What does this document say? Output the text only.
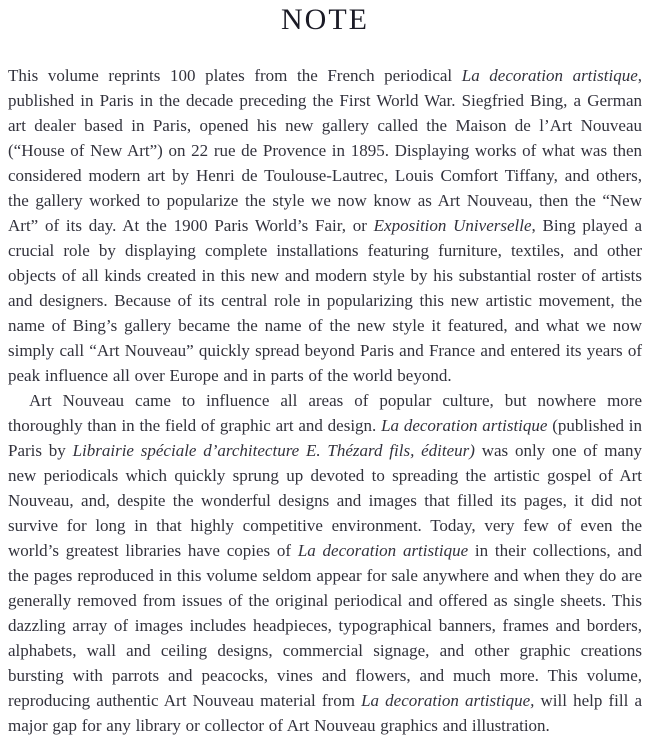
NOTE

This volume reprints 100 plates from the French periodical La decoration artistique, published in Paris in the decade preceding the First World War. Siegfried Bing, a German art dealer based in Paris, opened his new gallery called the Maison de l’Art Nouveau (“House of New Art”) on 22 rue de Provence in 1895. Displaying works of what was then considered modern art by Henri de Toulouse-Lautrec, Louis Comfort Tiffany, and others, the gallery worked to popularize the style we now know as Art Nouveau, then the “New Art” of its day. At the 1900 Paris World’s Fair, or Exposition Universelle, Bing played a crucial role by displaying complete installations featuring furniture, textiles, and other objects of all kinds created in this new and modern style by his substantial roster of artists and designers. Because of its central role in popularizing this new artistic movement, the name of Bing’s gallery became the name of the new style it featured, and what we now simply call “Art Nouveau” quickly spread beyond Paris and France and entered its years of peak influence all over Europe and in parts of the world beyond.

Art Nouveau came to influence all areas of popular culture, but nowhere more thoroughly than in the field of graphic art and design. La decoration artistique (published in Paris by Librairie spéciale d’architecture E. Thézard fils, éditeur) was only one of many new periodicals which quickly sprung up devoted to spreading the artistic gospel of Art Nouveau, and, despite the wonderful designs and images that filled its pages, it did not survive for long in that highly competitive environment. Today, very few of even the world’s greatest libraries have copies of La decoration artistique in their collections, and the pages reproduced in this volume seldom appear for sale anywhere and when they do are generally removed from issues of the original periodical and offered as single sheets. This dazzling array of images includes headpieces, typographical banners, frames and borders, alphabets, wall and ceiling designs, commercial signage, and other graphic creations bursting with parrots and peacocks, vines and flowers, and much more. This volume, reproducing authentic Art Nouveau material from La decoration artistique, will help fill a major gap for any library or collector of Art Nouveau graphics and illustration.
